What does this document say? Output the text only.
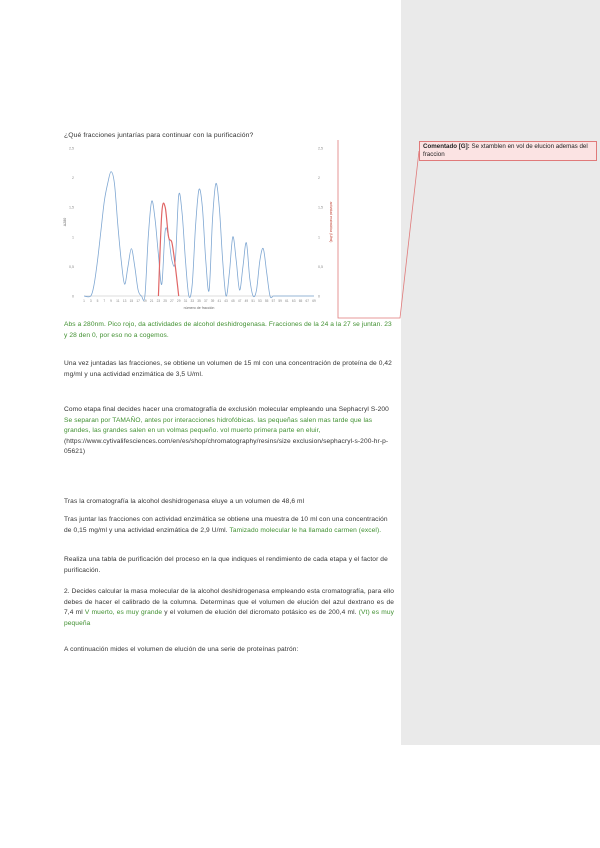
Comentado [G]: Se xtamblen en vol de elucion ademas del fraccion
¿Qué fracciones juntarías para continuar con la purificación?
0
0,5
1
1,5
2
2,5
0
0,5
1
1,5
2
2,5
1 3 5 7 9 11 13 15 17 19 21 23 25 27 29 31 33 35 37 39 41 43 45 47 49 51 53 55 57 59 61 63 65 67 69
número de fracción
A280	actividad enzimática (U/ml)
Abs a 280nm. Pico rojo, da actividades de alcohol deshidrogenasa. Fracciones de la 24 a la 27 se juntan. 23 y 28 den 0, por eso no a cogemos.
Una vez juntadas las fracciones, se obtiene un volumen de 15 ml con una concentración de proteína de 0,42 mg/ml y una actividad enzimática de 3,5 U/ml.
Como etapa final decides hacer una cromatografía de exclusión molecular empleando una Sephacryl S-200 Se separan por TAMAÑO, antes por interacciones hidrofóbicas. las pequeñas salen mas tarde que las grandes, las grandes salen en un volmas pequeño. vol muerto primera parte en eluir,
(https://www.cytivalifesciences.com/en/es/shop/chromatography/resins/size exclusion/sephacryl-s-200-hr-p-05621)
Tras la cromatografía la alcohol deshidrogenasa eluye a un volumen de 48,6 ml
Tras juntar las fracciones con actividad enzimática se obtiene una muestra de 10 ml con una concentración de 0,15 mg/ml y una actividad enzimática de 2,9 U/ml. Tamizado molecular le ha llamado carmen (excel).
Realiza una tabla de purificación del proceso en la que indiques el rendimiento de cada etapa y el factor de purificación.
2. Decides calcular la masa molecular de la alcohol deshidrogenasa empleando esta cromatografía, para ello debes de hacer el calibrado de la columna. Determinas que el volumen de elución del azul dextrano es de 7,4 ml V muerto, es muy grande y el volumen de elución del dicromato potásico es de 200,4 ml. (Vt) es muy pequeña
A continuación mides el volumen de elución de una serie de proteínas patrón:
